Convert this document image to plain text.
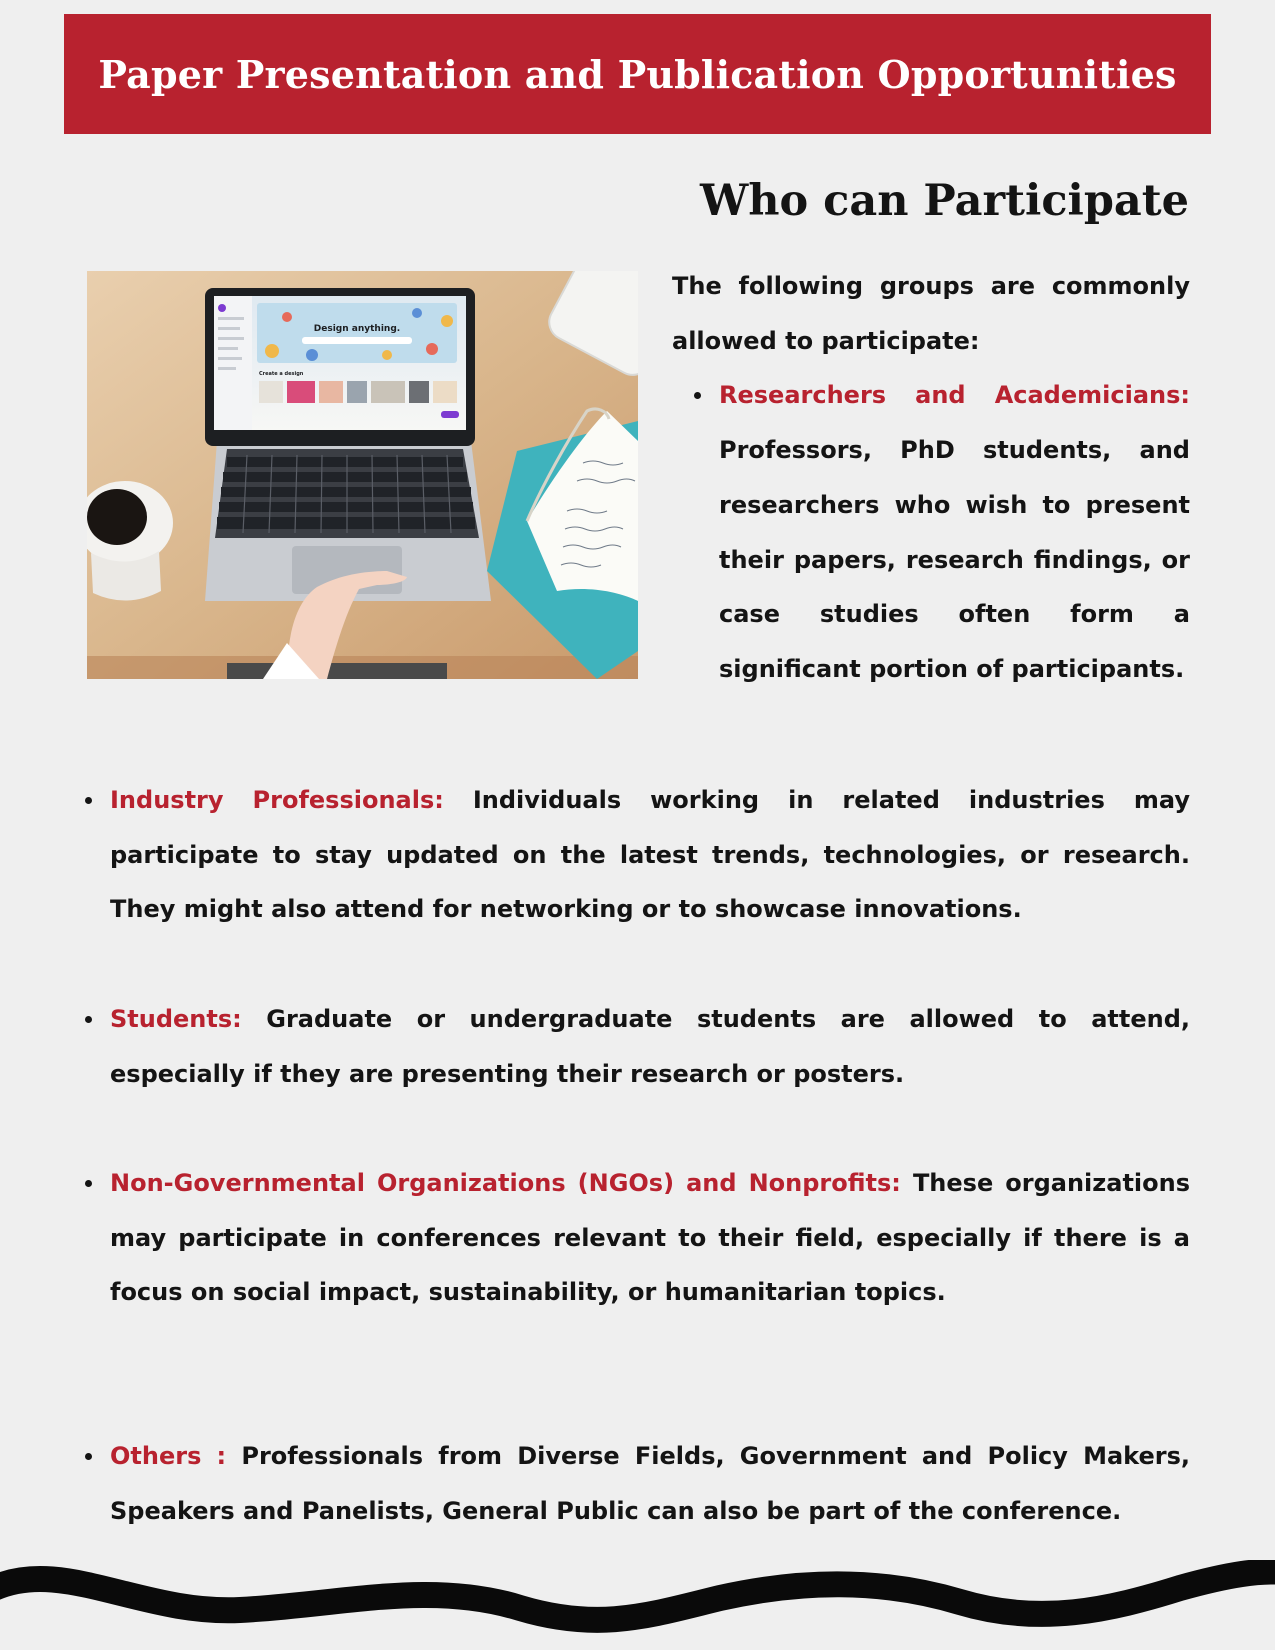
Paper Presentation and Publication Opportunities
Who can Participate
Design anything.
Create a design

The following groups are commonly allowed to participate:

Researchers and Academicians: Professors, PhD students, and researchers who wish to present their papers, research findings, or case studies often form a significant portion of participants.
Industry Professionals: Individuals working in related industries may participate to stay updated on the latest trends, technologies, or research. They might also attend for networking or to showcase innovations.
Students: Graduate or undergraduate students are allowed to attend, especially if they are presenting their research or posters.
Non-Governmental Organizations (NGOs) and Nonprofits: These organizations may participate in conferences relevant to their field, especially if there is a focus on social impact, sustainability, or humanitarian topics.
Others : Professionals from Diverse Fields, Government and Policy Makers, Speakers and Panelists, General Public can also be part of the conference.
